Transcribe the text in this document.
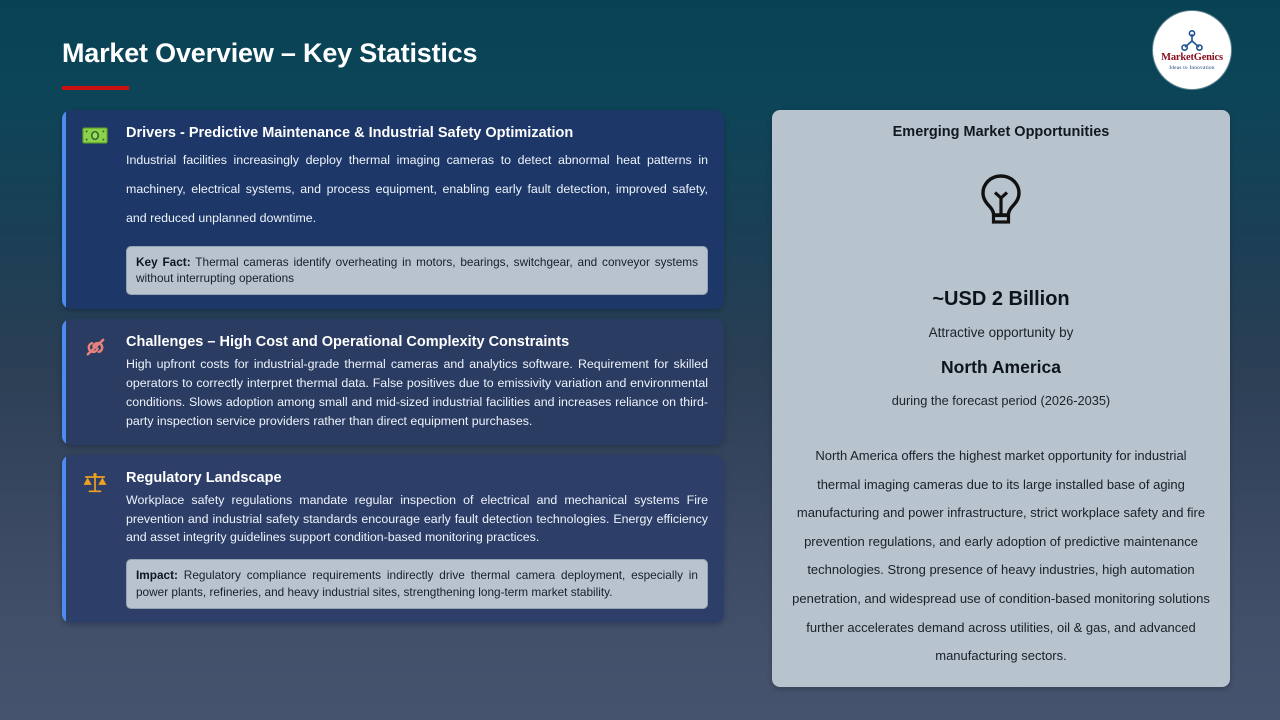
Market Overview – Key Statistics	MarketGenics
Ideas to Innovation
Drivers - Predictive Maintenance & Industrial Safety Optimization
Industrial facilities increasingly deploy thermal imaging cameras to detect abnormal heat patterns in machinery, electrical systems, and process equipment, enabling early fault detection, improved safety, and reduced unplanned downtime.
Key Fact: Thermal cameras identify overheating in motors, bearings, switchgear, and conveyor systems without interrupting operations
Challenges – High Cost and Operational Complexity Constraints
High upfront costs for industrial-grade thermal cameras and analytics software. Requirement for skilled operators to correctly interpret thermal data. False positives due to emissivity variation and environmental conditions. Slows adoption among small and mid-sized industrial facilities and increases reliance on third-party inspection service providers rather than direct equipment purchases.
Regulatory Landscape
Workplace safety regulations mandate regular inspection of electrical and mechanical systems Fire prevention and industrial safety standards encourage early fault detection technologies. Energy efficiency and asset integrity guidelines support condition-based monitoring practices.
Impact: Regulatory compliance requirements indirectly drive thermal camera deployment, especially in power plants, refineries, and heavy industrial sites, strengthening long-term market stability.
Emerging Market Opportunities
~USD 2 Billion
Attractive opportunity by
North America
during the forecast period (2026-2035)
North America offers the highest market opportunity for industrial thermal imaging cameras due to its large installed base of aging manufacturing and power infrastructure, strict workplace safety and fire prevention regulations, and early adoption of predictive maintenance technologies. Strong presence of heavy industries, high automation penetration, and widespread use of condition-based monitoring solutions further accelerates demand across utilities, oil & gas, and advanced manufacturing sectors.
